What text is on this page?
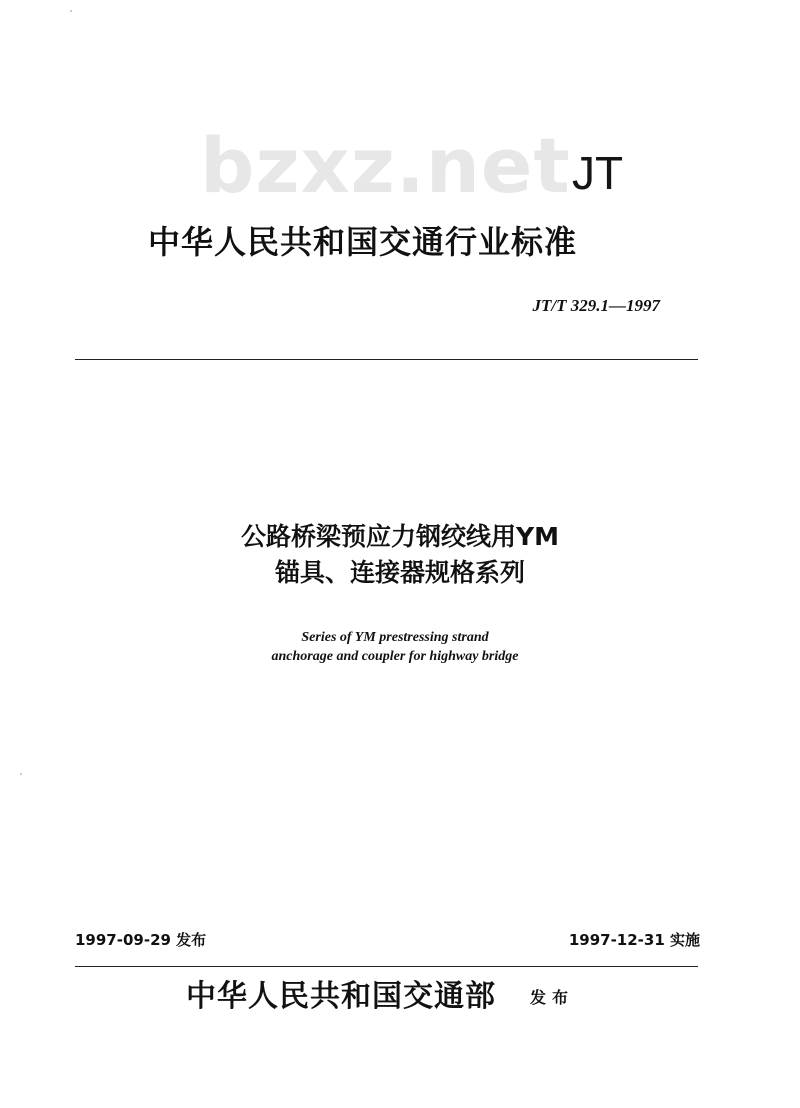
bzxz.net JT
中华人民共和国交通行业标准
JT/T 329.1—1997
公路桥梁预应力钢绞线用YM
锚具、连接器规格系列
Series of YM prestressing strand
anchorage and coupler for highway bridge
1997-09-29 发布	1997-12-31 实施
中华人民共和国交通部 发布
